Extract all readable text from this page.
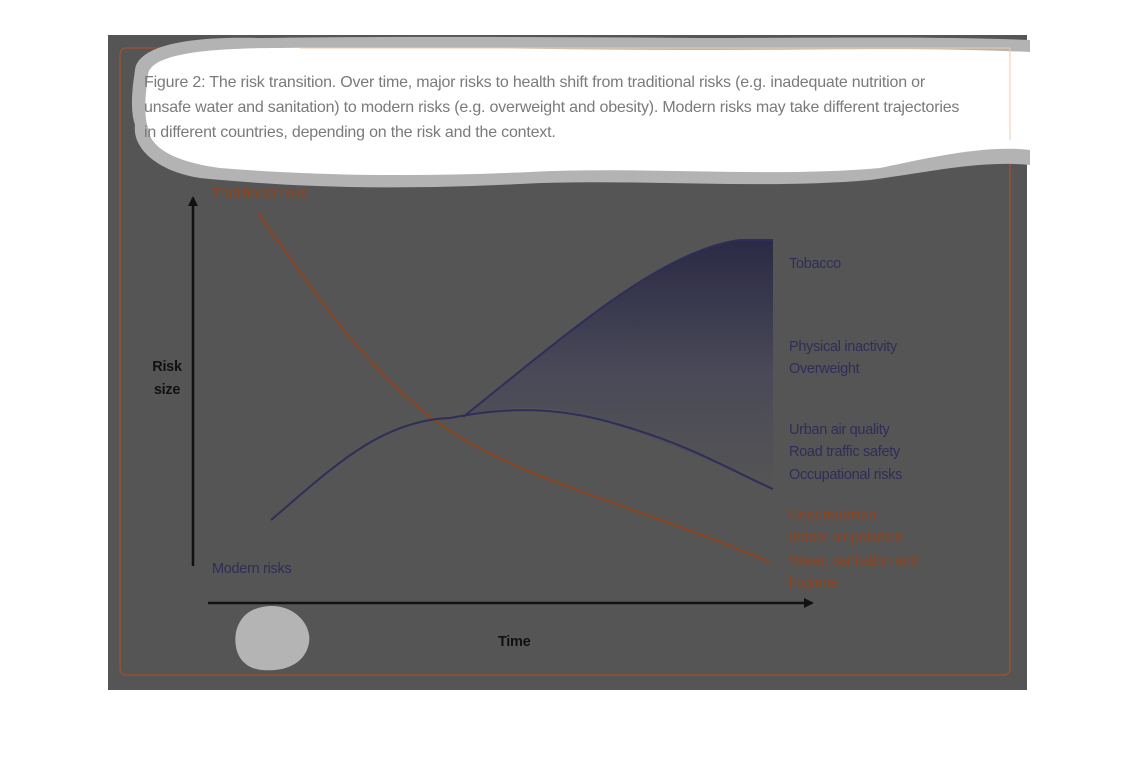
Figure 2: The risk transition. Over time, major risks to health shift from traditional risks (e.g. inadequate nutrition or unsafe water and sanitation) to modern risks (e.g. overweight and obesity). Modern risks may take different trajectories in different countries, depending on the risk and the context.

Traditional risks
Modern risks
Risk
size
Time
Tobacco
Physical inactivity
Overweight
Urban air quality
Road traffic safety
Occupational risks
Undernutrition
Indoor air pollution
Water, sanitation and
hygiene
